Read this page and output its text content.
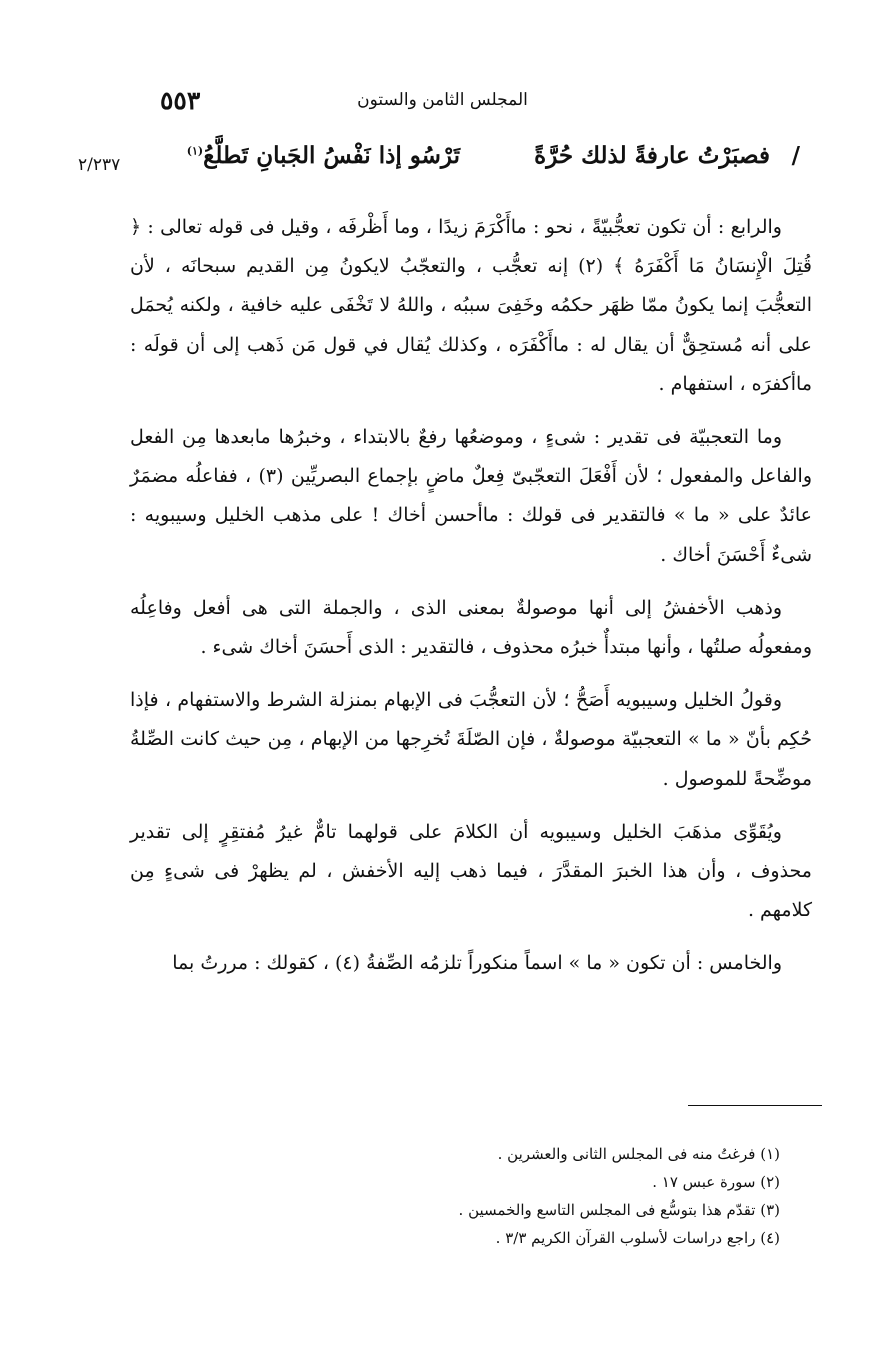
٥٥٣	المجلس الثامن والستون
٢/٢٣٧	/
فصبَرْتُ عارفةً لذلك حُرَّةً
تَرْسُو إذا نَفْسُ الجَبانِ تَطلَّعُ$^{(١)}$

والرابع : أن تكون تعجُّبيّةً ، نحو : ماأَكْرَمَ زيدًا ، وما أَظْرفَه ، وقيل فى قوله تعالى : ﴿ قُتِلَ الْإِنسَانُ مَا أَكْفَرَهُ ﴾ (٢) إنه تعجُّب ، والتعجّبُ لايكونُ مِن القديم سبحانَه ، لأن التعجُّبَ إنما يكونُ ممّا ظهَر حكمُه وخَفِىَ سببُه ، واللهُ لا تَخْفَى عليه خافية ، ولكنه يُحمَل على أنه مُستحِقٌّ أن يقال له : ماأَكْفَرَه ، وكذلك يُقال في قول مَن ذَهب إلى أن قولَه : ماأكفرَه ، استفهام .

وما التعجبيّة فى تقدير : شىءٍ ، وموضعُها رفعٌ بالابتداء ، وخبرُها مابعدها مِن الفعل والفاعل والمفعول ؛ لأن أَفْعَلَ التعجّبىّ فِعلٌ ماضٍ بإجماع البصريِّين (٣) ، ففاعلُه مضمَرٌ عائدٌ على « ما » فالتقدير فى قولك : ماأحسن أخاك ! على مذهب الخليل وسيبويه : شىءٌ أَحْسَنَ أخاك .

وذهب الأخفشُ إلى أنها موصولةٌ بمعنى الذى ، والجملة التى هى أفعل وفاعِلُه ومفعولُه صلتُها ، وأنها مبتدأٌ خبرُه محذوف ، فالتقدير : الذى أَحسَنَ أخاك شىء .

وقولُ الخليل وسيبويه أَصَحُّ ؛ لأن التعجُّبَ فى الإبهام بمنزلة الشرط والاستفهام ، فإذا حُكِم بأنّ « ما » التعجبيّة موصولةٌ ، فإن الصّلَةَ تُخرِجها من الإبهام ، مِن حيث كانت الصِّلةُ موضِّحةً للموصول .

ويُقَوِّى مذهَبَ الخليل وسيبويه أن الكلامَ على قولهما تامٌّ غيرُ مُفتقِرٍ إلى تقدير محذوف ، وأن هذا الخبرَ المقدَّرَ ، فيما ذهب إليه الأخفش ، لم يظهرْ فى شىءٍ مِن كلامهم .

والخامس : أن تكون « ما » اسماً منكوراً تلزمُه الصِّفةُ (٤) ، كقولك : مررتُ بما

(١) فرغتُ منه فى المجلس الثانى والعشرين .
(٢) سورة عبس ١٧ .
(٣) تقدّم هذا بتوسُّع فى المجلس التاسع والخمسين .
(٤) راجع دراسات لأسلوب القرآن الكريم ٣/٣ .
